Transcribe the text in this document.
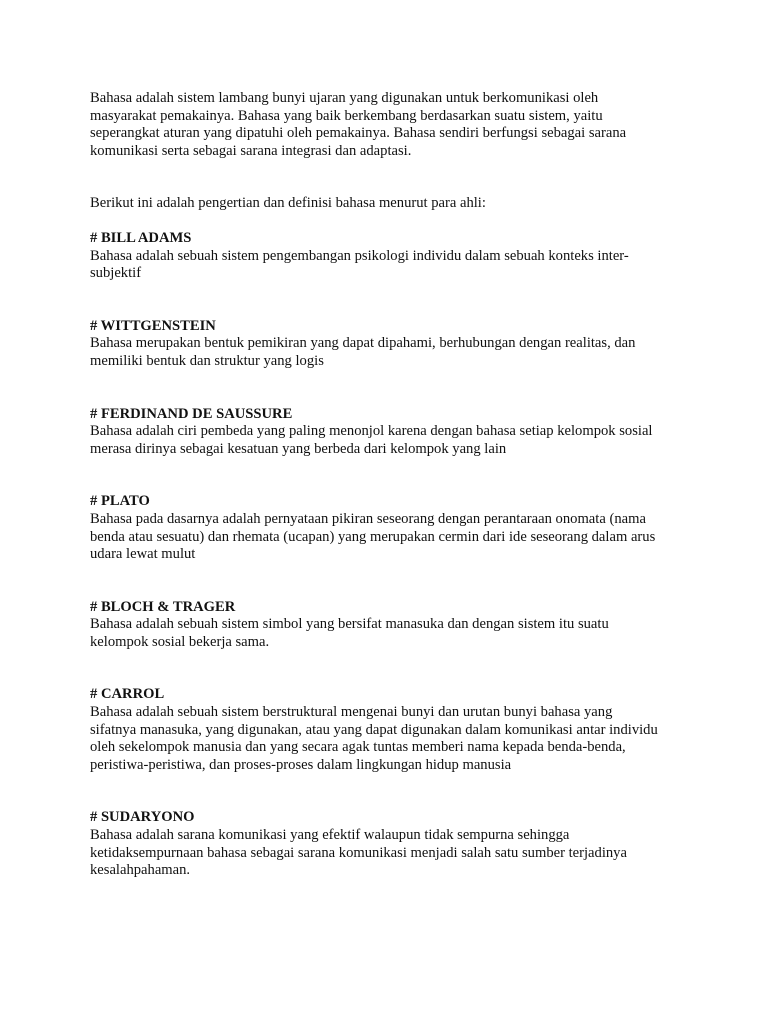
Bahasa adalah sistem lambang bunyi ujaran yang digunakan untuk berkomunikasi oleh
masyarakat pemakainya. Bahasa yang baik berkembang berdasarkan suatu sistem, yaitu
seperangkat aturan yang dipatuhi oleh pemakainya. Bahasa sendiri berfungsi sebagai sarana
komunikasi serta sebagai sarana integrasi dan adaptasi.

Berikut ini adalah pengertian dan definisi bahasa menurut para ahli:

# BILL ADAMS

Bahasa adalah sebuah sistem pengembangan psikologi individu dalam sebuah konteks inter-
subjektif

# WITTGENSTEIN

Bahasa merupakan bentuk pemikiran yang dapat dipahami, berhubungan dengan realitas, dan
memiliki bentuk dan struktur yang logis

# FERDINAND DE SAUSSURE

Bahasa adalah ciri pembeda yang paling menonjol karena dengan bahasa setiap kelompok sosial
merasa dirinya sebagai kesatuan yang berbeda dari kelompok yang lain

# PLATO

Bahasa pada dasarnya adalah pernyataan pikiran seseorang dengan perantaraan onomata (nama
benda atau sesuatu) dan rhemata (ucapan) yang merupakan cermin dari ide seseorang dalam arus
udara lewat mulut

# BLOCH & TRAGER

Bahasa adalah sebuah sistem simbol yang bersifat manasuka dan dengan sistem itu suatu
kelompok sosial bekerja sama.

# CARROL

Bahasa adalah sebuah sistem berstruktural mengenai bunyi dan urutan bunyi bahasa yang
sifatnya manasuka, yang digunakan, atau yang dapat digunakan dalam komunikasi antar individu
oleh sekelompok manusia dan yang secara agak tuntas memberi nama kepada benda-benda,
peristiwa-peristiwa, dan proses-proses dalam lingkungan hidup manusia

# SUDARYONO

Bahasa adalah sarana komunikasi yang efektif walaupun tidak sempurna sehingga
ketidaksempurnaan bahasa sebagai sarana komunikasi menjadi salah satu sumber terjadinya
kesalahpahaman.
